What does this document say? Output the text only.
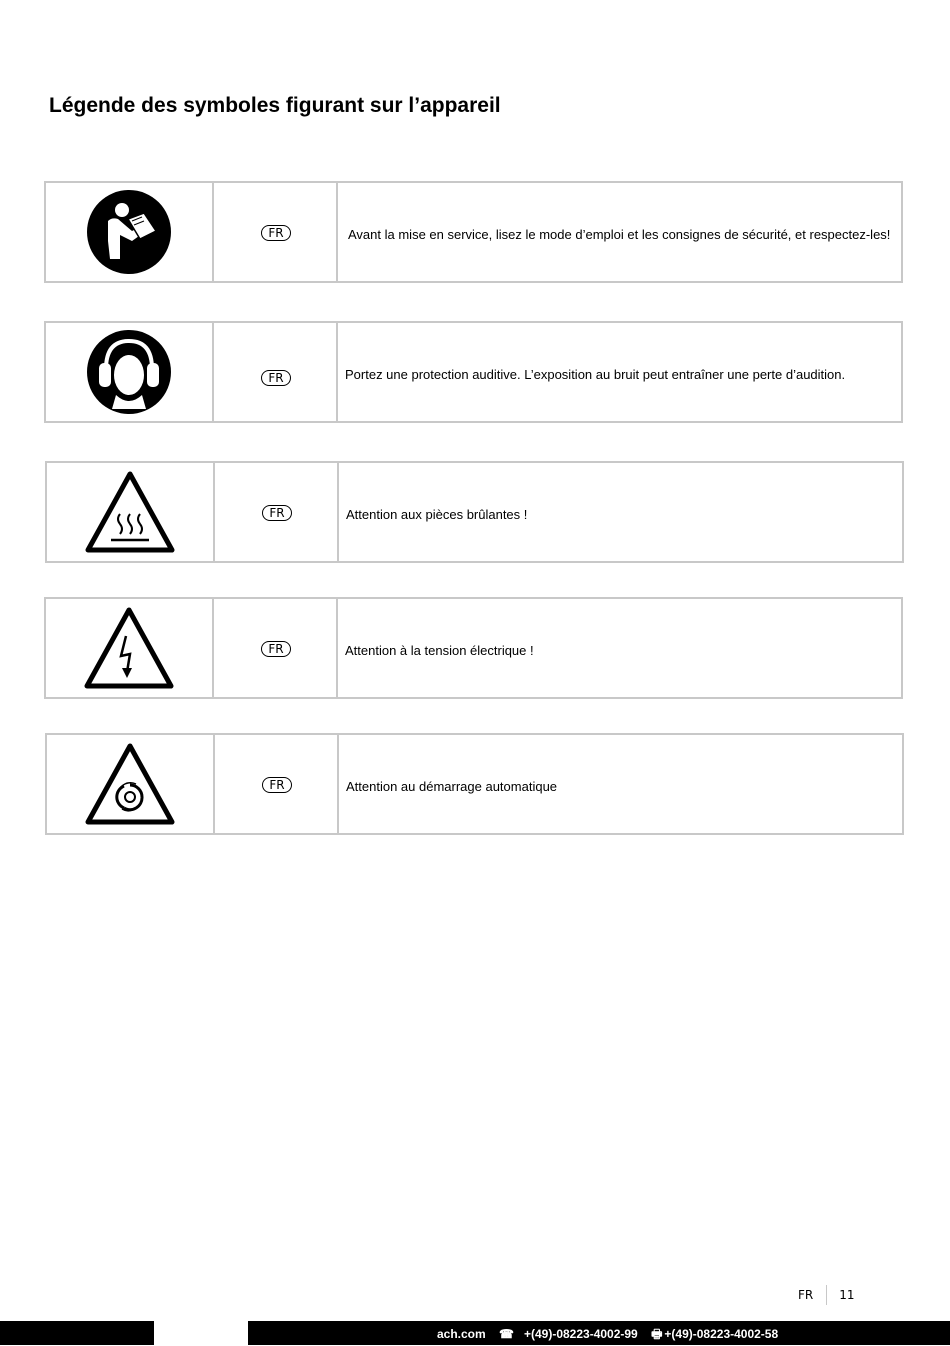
Légende des symboles figurant sur l’appareil
FR	Avant la mise en service, lisez le mode d’emploi et les consignes de sécurité, et respectez-les!
FR	Portez une protection auditive. L’exposition au bruit peut entraîner une perte d’audition.
FR	Attention aux pièces brûlantes !
FR	Attention à la tension électrique !
FR	Attention au démarrage automatique
FR 11
ach.com ☎ +(49)-08223-4002-99 🖶 +(49)-08223-4002-58
